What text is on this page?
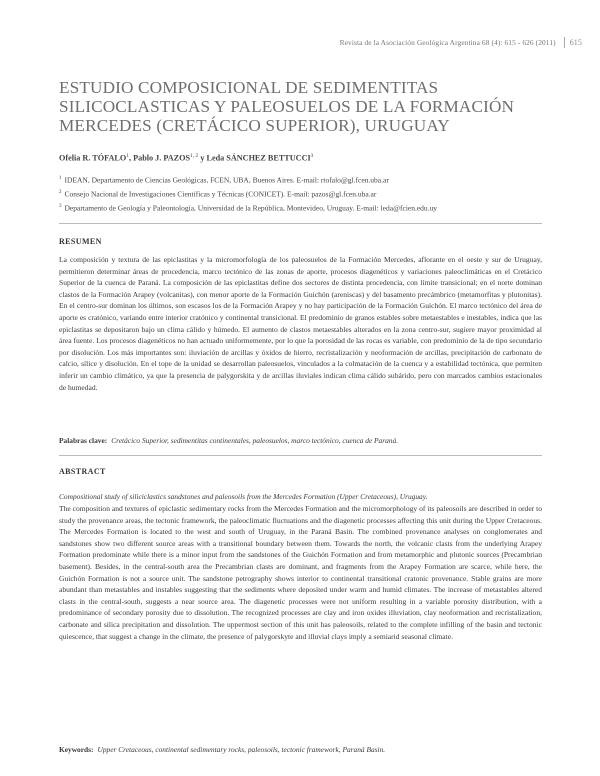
Revista de la Asociación Geológica Argentina 68 (4): 615 - 626 (2011) 615
ESTUDIO COMPOSICIONAL DE SEDIMENTITAS SILICOCLASTICAS Y PALEOSUELOS DE LA FORMACIÓN MERCEDES (CRETÁCICO SUPERIOR), URUGUAY
Ofelia R. TÓFALO$^1$, Pablo J. PAZOS$^{1, 2}$ y Leda SÁNCHEZ BETTUCCI$^3$
$^1$ IDEAN, Departamento de Ciencias Geológicas, FCEN, UBA, Buenos Aires. E-mail: rtofalo@gl.fcen.uba.ar
$^2$ Consejo Nacional de Investigaciones Científicas y Técnicas (CONICET). E-mail: pazos@gl.fcen.uba.ar
$^3$ Departamento de Geología y Paleontología, Universidad de la República, Montevideo, Uruguay. E-mail: leda@fcien.edu.uy
RESUMEN

La composición y textura de las epiclastitas y la micromorfología de los paleosuelos de la Formación Mercedes, aflorante en el oeste y sur de Uruguay, permitieron determinar áreas de procedencia, marco tectónico de las zonas de aporte, procesos diagenéticos y variaciones paleoclimáticas en el Cretácico Superior de la cuenca de Paraná. La composición de las epiclastitas define dos sectores de distinta procedencia, con límite transicional; en el norte dominan clastos de la Formación Arapey (volcanitas), con menor aporte de la Formación Guichón (areniscas) y del basamento precámbrico (metamorfitas y plutonitas). En el centro-sur dominan los últimos, son escasos los de la Formación Arapey y no hay participación de la Formación Guichón. El marco tectónico del área de aporte es cratónico, variando entre interior cratónico y continental transicional. El predominio de granos estables sobre metaestables e inestables, indica que las epiclastitas se depositaron bajo un clima cálido y húmedo. El aumento de clastos metaestables alterados en la zona centro-sur, sugiere mayor proximidad al área fuente. Los procesos diagenéticos no han actuado uniformemente, por lo que la porosidad de las rocas es variable, con predominio de la de tipo secundario por disolución. Los más importantes son: iluviación de arcillas y óxidos de hierro, recristalización y neoformación de arcillas, precipitación de carbonato de calcio, sílice y disolución. En el tope de la unidad se desarrollan paleosuelos, vinculados a la colmatación de la cuenca y a estabilidad tectónica, que permiten inferir un cambio climático, ya que la presencia de palygorskita y de arcillas iluviales indican clima cálido subárido, pero con marcados cambios estacionales de humedad.

Palabras clave: Cretácico Superior, sedimentitas continentales, paleosuelos, marco tectónico, cuenca de Paraná.

ABSTRACT

Compositional study of siliciclastics sandstones and paleosoils from the Mercedes Formation (Upper Cretaceous), Uruguay.

The composition and textures of epiclastic sedimentary rocks from the Mercedes Formation and the micromorphology of its paleosoils are described in order to study the provenance areas, the tectonic framework, the paleoclimatic fluctuations and the diagenetic processes affecting this unit during the Upper Cretaceous. The Mercedes Formation is located to the west and south of Uruguay, in the Paraná Basin. The combined provenance analyses on conglomerates and sandstones show two different source areas with a transitional boundary between them. Towards the north, the volcanic clasts from the underlying Arapey Formation predominate while there is a minor input from the sandstones of the Guichón Formation and from metamorphic and plutonic sources (Precambrian basement). Besides, in the central-south area the Precambrian clasts are dominant, and fragments from the Arapey Formation are scarce, while here, the Guichón Formation is not a source unit. The sandstone petrography shows interior to continental transitional cratonic provenance. Stable grains are more abundant than metastables and instables suggesting that the sediments where deposited under warm and humid climates. The increase of metastables altered clasts in the central-south, suggests a near source area. The diagenetic processes were not uniform resulting in a variable porosity distribution, with a predominance of secondary porosity due to dissolution. The recognized processes are clay and iron oxides illuviation, clay neoformation and recristalization, carbonate and silica precipitation and dissolution. The uppermost section of this unit has paleosoils, related to the complete infilling of the basin and tectonic quiescence, that suggest a change in the climate, the presence of palygorskyte and illuvial clays imply a semiarid seasonal climate.

Keywords: Upper Cretaceous, continental sedimentary rocks, paleosoils, tectonic framework, Paraná Basin.
